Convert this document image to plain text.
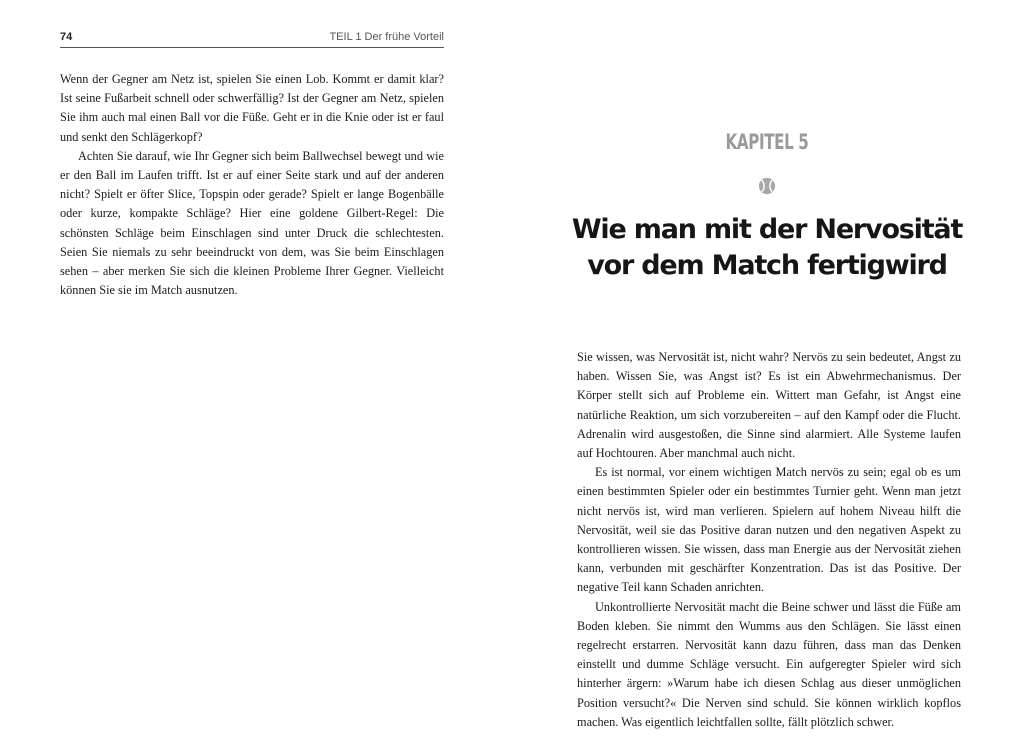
74	TEIL 1 Der frühe Vorteil

Wenn der Gegner am Netz ist, spielen Sie einen Lob. Kommt er damit klar? Ist seine Fußarbeit schnell oder schwerfällig? Ist der Gegner am Netz, spielen Sie ihm auch mal einen Ball vor die Füße. Geht er in die Knie oder ist er faul und senkt den Schlägerkopf?

Achten Sie darauf, wie Ihr Gegner sich beim Ballwechsel bewegt und wie er den Ball im Laufen trifft. Ist er auf einer Seite stark und auf der anderen nicht? Spielt er öfter Slice, Topspin oder gerade? Spielt er lange Bogenbälle oder kurze, kompakte Schläge? Hier eine goldene Gilbert-Regel: Die schönsten Schläge beim Einschlagen sind unter Druck die schlechtesten. Seien Sie niemals zu sehr beeindruckt von dem, was Sie beim Einschlagen sehen – aber merken Sie sich die kleinen Probleme Ihrer Gegner. Vielleicht können Sie sie im Match ausnutzen.

KAPITEL 5
Wie man mit der Nervosität vor dem Match fertigwird

Sie wissen, was Nervosität ist, nicht wahr? Nervös zu sein bedeutet, Angst zu haben. Wissen Sie, was Angst ist? Es ist ein Abwehrmechanismus. Der Körper stellt sich auf Probleme ein. Wittert man Gefahr, ist Angst eine natürliche Reaktion, um sich vorzubereiten – auf den Kampf oder die Flucht. Adrenalin wird ausgestoßen, die Sinne sind alarmiert. Alle Systeme laufen auf Hochtouren. Aber manchmal auch nicht.

Es ist normal, vor einem wichtigen Match nervös zu sein; egal ob es um einen bestimmten Spieler oder ein bestimmtes Turnier geht. Wenn man jetzt nicht nervös ist, wird man verlieren. Spielern auf hohem Niveau hilft die Nervosität, weil sie das Positive daran nutzen und den negativen Aspekt zu kontrollieren wissen. Sie wissen, dass man Energie aus der Nervosität ziehen kann, verbunden mit geschärfter Konzentration. Das ist das Positive. Der negative Teil kann Schaden anrichten.

Unkontrollierte Nervosität macht die Beine schwer und lässt die Füße am Boden kleben. Sie nimmt den Wumms aus den Schlägen. Sie lässt einen regelrecht erstarren. Nervosität kann dazu führen, dass man das Denken einstellt und dumme Schläge versucht. Ein aufgeregter Spieler wird sich hinterher ärgern: »Warum habe ich diesen Schlag aus dieser unmöglichen Position versucht?« Die Nerven sind schuld. Sie können wirklich kopflos machen. Was eigentlich leichtfallen sollte, fällt plötzlich schwer.
